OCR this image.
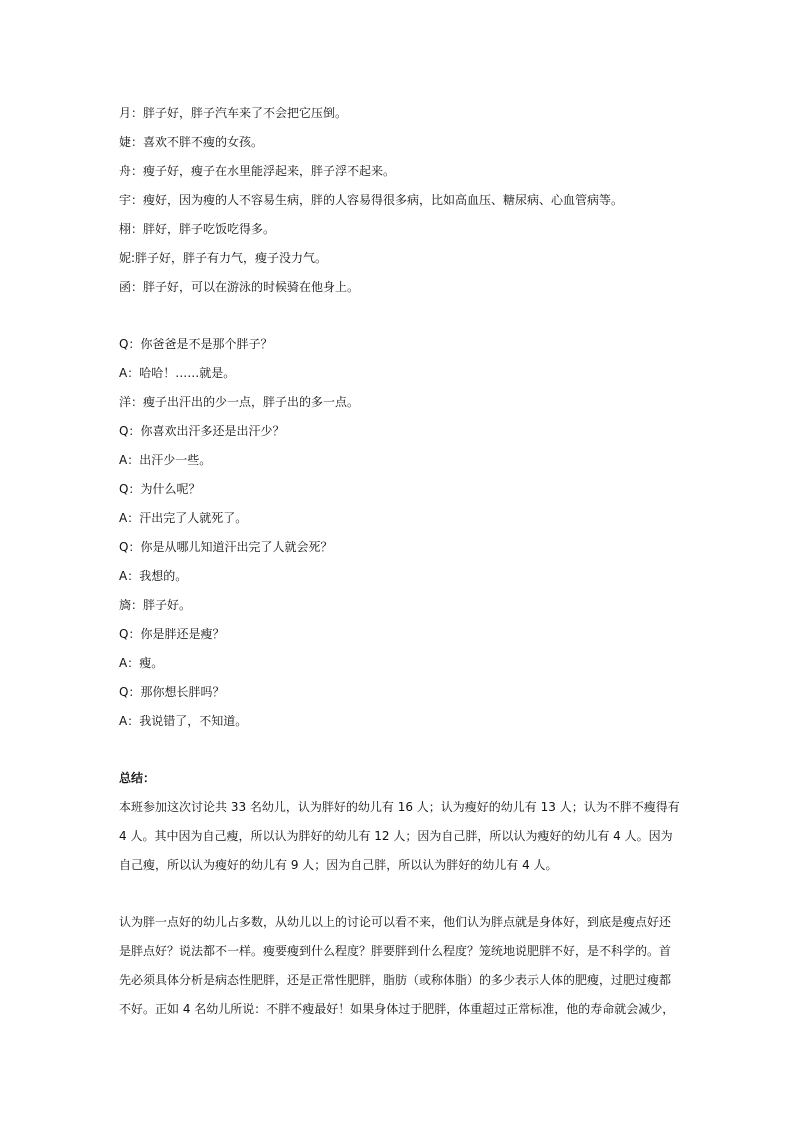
月：胖子好，胖子汽车来了不会把它压倒。

婕：喜欢不胖不瘦的女孩。

舟：瘦子好，瘦子在水里能浮起来，胖子浮不起来。

宇：瘦好，因为瘦的人不容易生病，胖的人容易得很多病，比如高血压、糖尿病、心血管病等。

栩：胖好，胖子吃饭吃得多。

妮:胖子好，胖子有力气，瘦子没力气。

函：胖子好，可以在游泳的时候骑在他身上。

Q：你爸爸是不是那个胖子？

A：哈哈！……就是。

洋：瘦子出汗出的少一点，胖子出的多一点。

Q：你喜欢出汗多还是出汗少？

A：出汗少一些。

Q：为什么呢？

A：汗出完了人就死了。

Q：你是从哪儿知道汗出完了人就会死？

A：我想的。

旖：胖子好。

Q：你是胖还是瘦？

A：瘦。

Q：那你想长胖吗？

A：我说错了，不知道。

总结：

本班参加这次讨论共 33 名幼儿，认为胖好的幼儿有 16 人；认为瘦好的幼儿有 13 人；认为不胖不瘦得有

4 人。其中因为自己瘦，所以认为胖好的幼儿有 12 人；因为自己胖，所以认为瘦好的幼儿有 4 人。因为

自己瘦，所以认为瘦好的幼儿有 9 人；因为自己胖，所以认为胖好的幼儿有 4 人。

认为胖一点好的幼儿占多数，从幼儿以上的讨论可以看不来，他们认为胖点就是身体好，到底是瘦点好还

是胖点好？说法都不一样。瘦要瘦到什么程度？胖要胖到什么程度？笼统地说肥胖不好，是不科学的。首

先必须具体分析是病态性肥胖，还是正常性肥胖，脂肪（或称体脂）的多少表示人体的肥瘦，过肥过瘦都

不好。正如 4 名幼儿所说：不胖不瘦最好！如果身体过于肥胖，体重超过正常标准，他的寿命就会减少，
